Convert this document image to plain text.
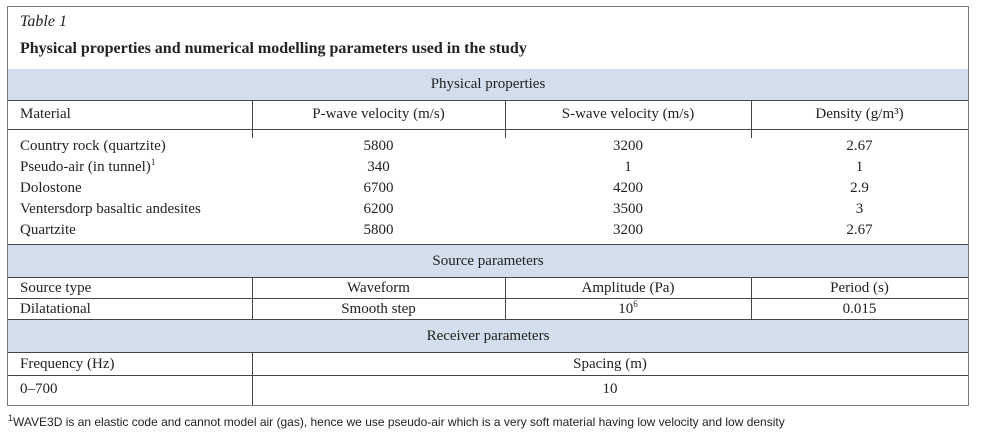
Table 1
Physical properties and numerical modelling parameters used in the study
Physical properties
Material	P-wave velocity (m/s)	S-wave velocity (m/s)	Density (g/m³)
Country rock (quartzite)	5800	3200	2.67
Pseudo-air (in tunnel)$^1$	340	1	1
Dolostone	6700	4200	2.9
Ventersdorp basaltic andesites	6200	3500	3
Quartzite	5800	3200	2.67
Source parameters
Source type	Waveform	Amplitude (Pa)	Period (s)
Dilatational	Smooth step	$10^6$	0.015
Receiver parameters
Frequency (Hz)	Spacing (m)
0–700	10
$^1$WAVE3D is an elastic code and cannot model air (gas), hence we use pseudo-air which is a very soft material having low velocity and low density
